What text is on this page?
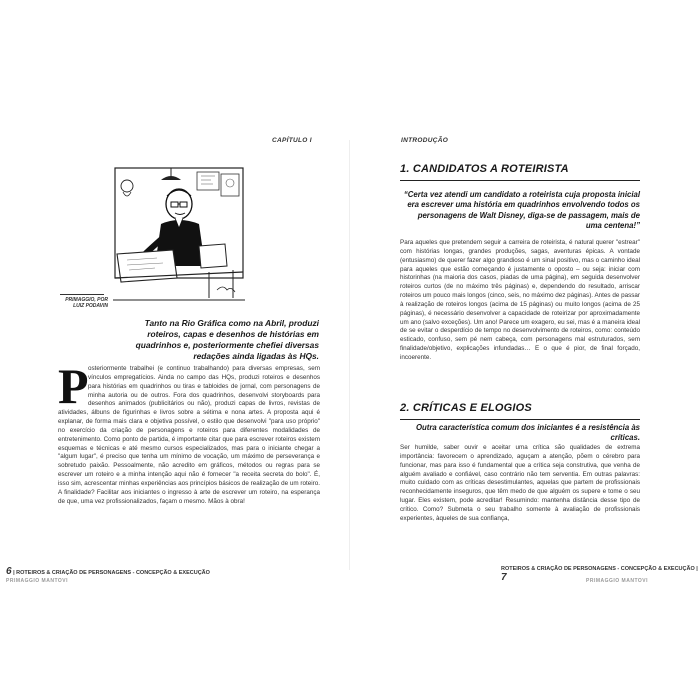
CAPÍTULO I
PRIMAGGIO, POR LUIZ PODAVIN
Tanto na Rio Gráfica como na Abril, produzi roteiros, capas e desenhos de histórias em quadrinhos e, posteriormente chefiei diversas redações ainda ligadas às HQs.
P osteriormente trabalhei (e continuo trabalhando) para diversas empresas, sem vínculos empregatícios. Ainda no campo das HQs, produzi roteiros e desenhos para histórias em quadrinhos ou tiras e tabloides de jornal, com personagens de minha autoria ou de outros. Fora dos quadrinhos, desenvolvi storyboards para desenhos animados (publicitários ou não), produzi capas de livros, revistas de atividades, álbuns de figurinhas e livros sobre a sétima e nona artes. A proposta aqui é explanar, de forma mais clara e objetiva possível, o estilo que desenvolvi "para uso próprio" no exercício da criação de personagens e roteiros para diferentes modalidades de entretenimento. Como ponto de partida, é importante citar que para escrever roteiros existem esquemas e técnicas e até mesmo cursos especializados, mas para o iniciante chegar a "algum lugar", é preciso que tenha um mínimo de vocação, um máximo de perseverança e sobretudo paixão. Pessoalmente, não acredito em gráficos, métodos ou regras para se escrever um roteiro e a minha intenção aqui não é fornecer "a receita secreta do bolo". É, isso sim, acrescentar minhas experiências aos princípios básicos de realização de um roteiro. A finalidade? Facilitar aos iniciantes o ingresso à arte de escrever um roteiro, na esperança de que, uma vez profissionalizados, façam o mesmo. Mãos à obra!
6 | ROTEIROS & CRIAÇÃO DE PERSONAGENS - CONCEPÇÃO & EXECUÇÃO
PRIMAGGIO MANTOVI
INTRODUÇÃO
1. CANDIDATOS A ROTEIRISTA
“Certa vez atendi um candidato a roteirista cuja proposta inicial era escrever uma história em quadrinhos envolvendo todos os personagens de Walt Disney, diga-se de passagem, mais de uma centena!”
Para aqueles que pretendem seguir a carreira de roteirista, é natural querer "estrear" com histórias longas, grandes produções, sagas, aventuras épicas. A vontade (entusiasmo) de querer fazer algo grandioso é um sinal positivo, mas o caminho ideal para aqueles que estão começando é justamente o oposto – ou seja: iniciar com historinhas (na maioria dos casos, piadas de uma página), em seguida desenvolver roteiros curtos (de no máximo três páginas) e, dependendo do resultado, arriscar roteiros um pouco mais longos (cinco, seis, no máximo dez páginas). Antes de passar à realização de roteiros longos (acima de 15 páginas) ou muito longos (acima de 25 páginas), é necessário desenvolver a capacidade de roteirizar por aproximadamente um ano (salvo exceções). Um ano! Parece um exagero, eu sei, mas é a maneira ideal de se evitar o desperdício de tempo no desenvolvimento de roteiros, como: conteúdo esticado, confuso, sem pé nem cabeça, com personagens mal estruturados, sem finalidade/objetivo, explicações infundadas… E o que é pior, de final forçado, incoerente.
2. CRÍTICAS E ELOGIOS
Outra característica comum dos iniciantes é a resistência às críticas.
Ser humilde, saber ouvir e aceitar uma crítica são qualidades de extrema importância: favorecem o aprendizado, aguçam a atenção, põem o cérebro para funcionar, mas para isso é fundamental que a crítica seja construtiva, que venha de alguém avaliado e confiável, caso contrário não tem serventia. Em outras palavras: muito cuidado com as críticas desestimulantes, aquelas que partem de profissionais reconhecidamente inseguros, que têm medo de que alguém os supere e tome o seu lugar. Eles existem, pode acreditar! Resumindo: mantenha distância desse tipo de crítico. Como? Submeta o seu trabalho somente à avaliação de profissionais experientes, àqueles de sua confiança,
ROTEIROS & CRIAÇÃO DE PERSONAGENS - CONCEPÇÃO & EXECUÇÃO | 7	PRIMAGGIO MANTOVI
